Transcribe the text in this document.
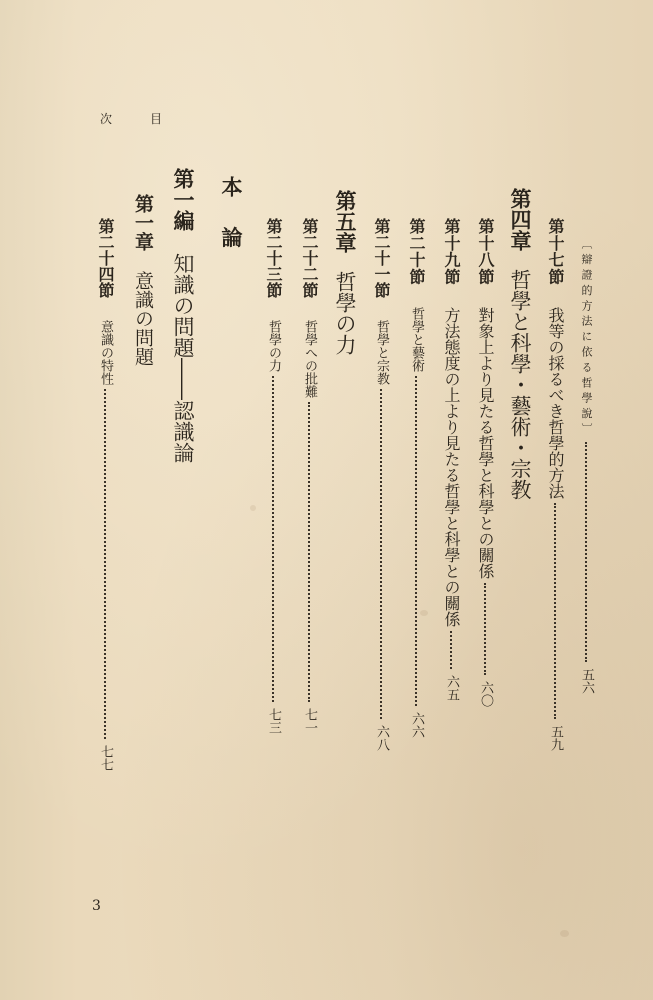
次	目
〔辯證的方法に依る哲學說〕五六
第十七節我等の採るべき哲學的方法五九
第四章哲學と科學・藝術・宗教
第十八節對象上より見たる哲學と科學との關係六〇
第十九節方法態度の上より見たる哲學と科學との關係六五
第二十節哲學と藝術六六
第二十一節哲學と宗教六八
第五章哲學の力
第二十二節哲學への批難七一
第二十三節哲學の力七三
本論
第一編知識の問題――認識論
第一章意識の問題
第二十四節意識の特性七七
3
